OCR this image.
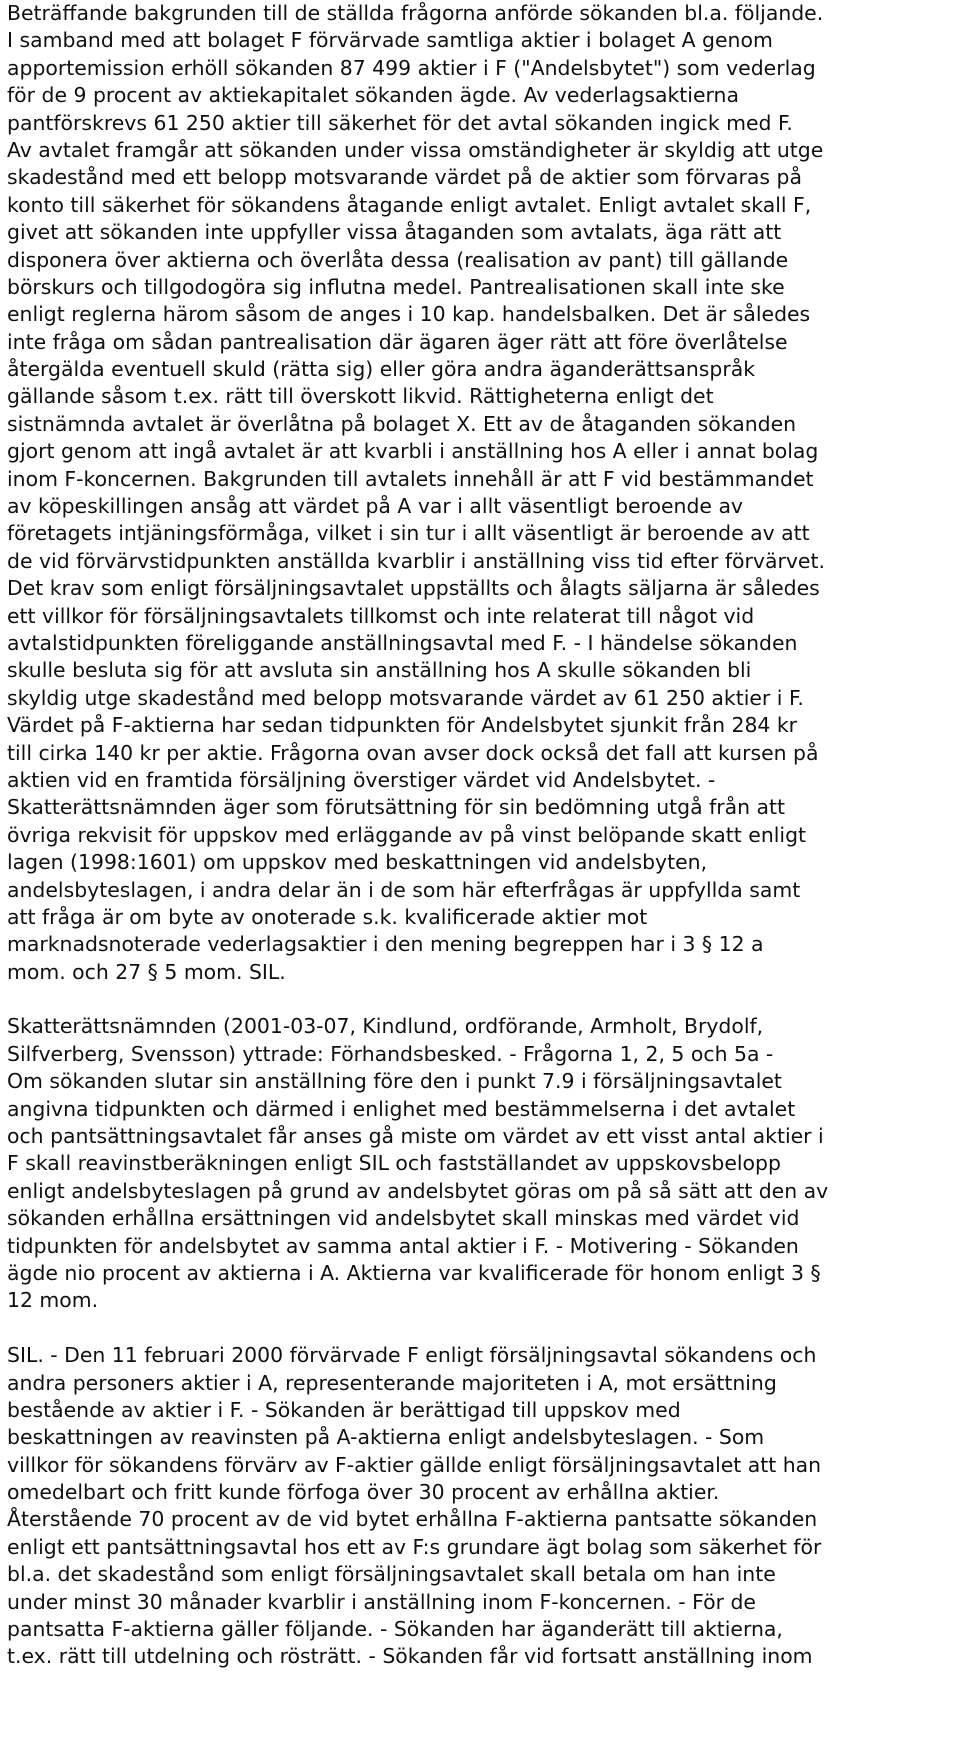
Beträffande bakgrunden till de ställda frågorna anförde sökanden bl.a. följande.
I samband med att bolaget F förvärvade samtliga aktier i bolaget A genom
apportemission erhöll sökanden 87 499 aktier i F ("Andelsbytet") som vederlag
för de 9 procent av aktiekapitalet sökanden ägde. Av vederlagsaktierna
pantförskrevs 61 250 aktier till säkerhet för det avtal sökanden ingick med F.
Av avtalet framgår att sökanden under vissa omständigheter är skyldig att utge
skadestånd med ett belopp motsvarande värdet på de aktier som förvaras på
konto till säkerhet för sökandens åtagande enligt avtalet. Enligt avtalet skall F,
givet att sökanden inte uppfyller vissa åtaganden som avtalats, äga rätt att
disponera över aktierna och överlåta dessa (realisation av pant) till gällande
börskurs och tillgodogöra sig influtna medel. Pantrealisationen skall inte ske
enligt reglerna härom såsom de anges i 10 kap. handelsbalken. Det är således
inte fråga om sådan pantrealisation där ägaren äger rätt att före överlåtelse
återgälda eventuell skuld (rätta sig) eller göra andra äganderättsanspråk
gällande såsom t.ex. rätt till överskott likvid. Rättigheterna enligt det
sistnämnda avtalet är överlåtna på bolaget X. Ett av de åtaganden sökanden
gjort genom att ingå avtalet är att kvarbli i anställning hos A eller i annat bolag
inom F-koncernen. Bakgrunden till avtalets innehåll är att F vid bestämmandet
av köpeskillingen ansåg att värdet på A var i allt väsentligt beroende av
företagets intjäningsförmåga, vilket i sin tur i allt väsentligt är beroende av att
de vid förvärvstidpunkten anställda kvarblir i anställning viss tid efter förvärvet.
Det krav som enligt försäljningsavtalet uppställts och ålagts säljarna är således
ett villkor för försäljningsavtalets tillkomst och inte relaterat till något vid
avtalstidpunkten föreliggande anställningsavtal med F. - I händelse sökanden
skulle besluta sig för att avsluta sin anställning hos A skulle sökanden bli
skyldig utge skadestånd med belopp motsvarande värdet av 61 250 aktier i F.
Värdet på F-aktierna har sedan tidpunkten för Andelsbytet sjunkit från 284 kr
till cirka 140 kr per aktie. Frågorna ovan avser dock också det fall att kursen på
aktien vid en framtida försäljning överstiger värdet vid Andelsbytet. -
Skatterättsnämnden äger som förutsättning för sin bedömning utgå från att
övriga rekvisit för uppskov med erläggande av på vinst belöpande skatt enligt
lagen (1998:1601) om uppskov med beskattningen vid andelsbyten,
andelsbyteslagen, i andra delar än i de som här efterfrågas är uppfyllda samt
att fråga är om byte av onoterade s.k. kvalificerade aktier mot
marknadsnoterade vederlagsaktier i den mening begreppen har i 3 § 12 a
mom. och 27 § 5 mom. SIL.
Skatterättsnämnden (2001-03-07, Kindlund, ordförande, Armholt, Brydolf,
Silfverberg, Svensson) yttrade: Förhandsbesked. - Frågorna 1, 2, 5 och 5a -
Om sökanden slutar sin anställning före den i punkt 7.9 i försäljningsavtalet
angivna tidpunkten och därmed i enlighet med bestämmelserna i det avtalet
och pantsättningsavtalet får anses gå miste om värdet av ett visst antal aktier i
F skall reavinstberäkningen enligt SIL och fastställandet av uppskovsbelopp
enligt andelsbyteslagen på grund av andelsbytet göras om på så sätt att den av
sökanden erhållna ersättningen vid andelsbytet skall minskas med värdet vid
tidpunkten för andelsbytet av samma antal aktier i F. - Motivering - Sökanden
ägde nio procent av aktierna i A. Aktierna var kvalificerade för honom enligt 3 §
12 mom.
SIL. - Den 11 februari 2000 förvärvade F enligt försäljningsavtal sökandens och
andra personers aktier i A, representerande majoriteten i A, mot ersättning
bestående av aktier i F. - Sökanden är berättigad till uppskov med
beskattningen av reavinsten på A-aktierna enligt andelsbyteslagen. - Som
villkor för sökandens förvärv av F-aktier gällde enligt försäljningsavtalet att han
omedelbart och fritt kunde förfoga över 30 procent av erhållna aktier.
Återstående 70 procent av de vid bytet erhållna F-aktierna pantsatte sökanden
enligt ett pantsättningsavtal hos ett av F:s grundare ägt bolag som säkerhet för
bl.a. det skadestånd som enligt försäljningsavtalet skall betala om han inte
under minst 30 månader kvarblir i anställning inom F-koncernen. - För de
pantsatta F-aktierna gäller följande. - Sökanden har äganderätt till aktierna,
t.ex. rätt till utdelning och rösträtt. - Sökanden får vid fortsatt anställning inom
